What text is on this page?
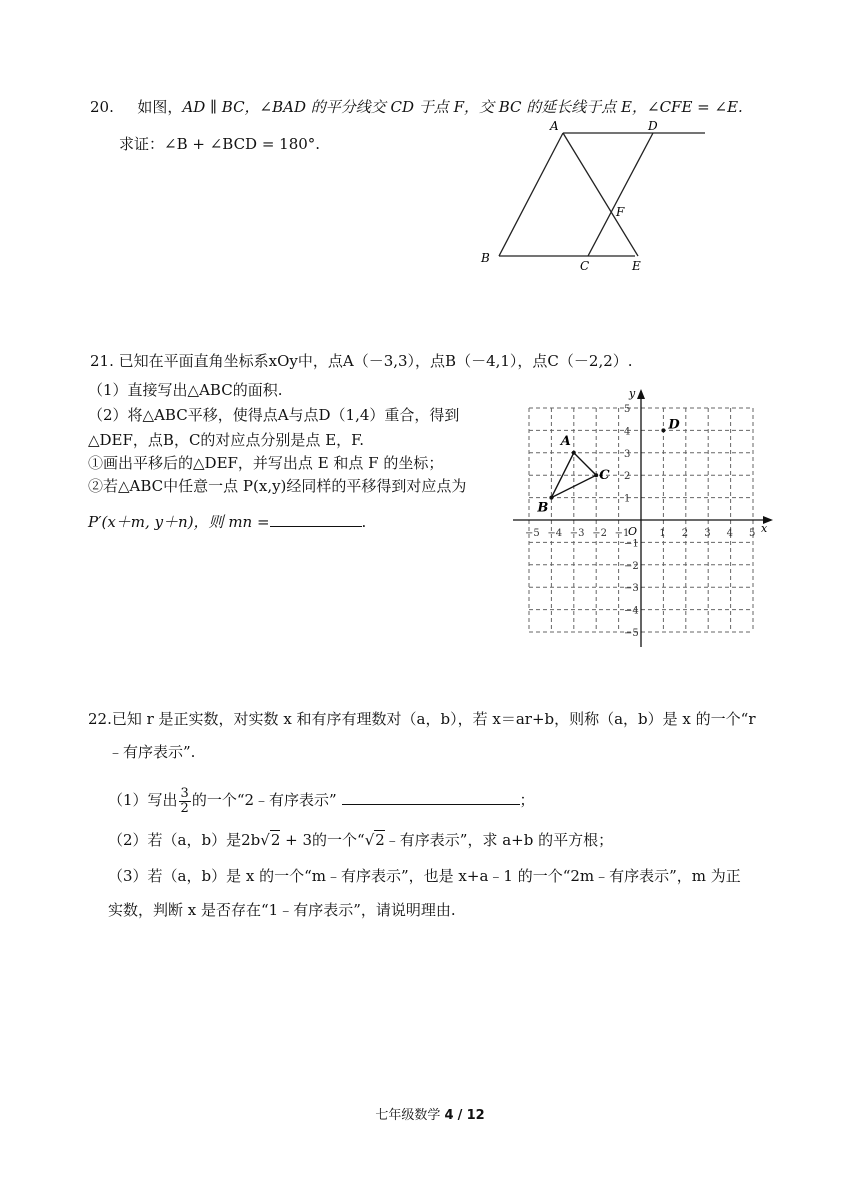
20. 如图，AD ∥ BC，∠BAD 的平分线交 CD 于点 F，交 BC 的延长线于点 E，∠CFE = ∠E.
求证：∠B + ∠BCD = 180°.
A	D
F
B
C	E
21. 已知在平面直角坐标系xOy中，点A（－3,3），点B（－4,1），点C（－2,2）.
（1）直接写出△ABC的面积.
（2）将△ABC平移，使得点A与点D（1,4）重合，得到
△DEF，点B，C的对应点分别是点 E，F.
①画出平移后的△DEF，并写出点 E 和点 F 的坐标；
②若△ABC中任意一点 P(x,y)经同样的平移得到对应点为
P′(x＋m, y＋n)，则 mn =	.
−5 −4 −3 −2 −1	1 2 3 4 5
5
4
3
2
1
−1
−2
−3
−4
−5
O	x
y
A
B
C
D
22.已知 r 是正实数，对实数 x 和有序有理数对（a，b），若 x＝ar+b，则称（a，b）是 x 的一个“r
﹣有序表示”.
（1）写出 $\frac{3}{2}$ 的一个“2﹣有序表示”	；
（2）若（a，b）是2b√2 + 3的一个“√2﹣有序表示”，求 a+b 的平方根；
（3）若（a，b）是 x 的一个“m﹣有序表示”，也是 x+a﹣1 的一个“2m﹣有序表示”，m 为正
实数，判断 x 是否存在“1﹣有序表示”，请说明理由.
七年级数学 4 / 12
